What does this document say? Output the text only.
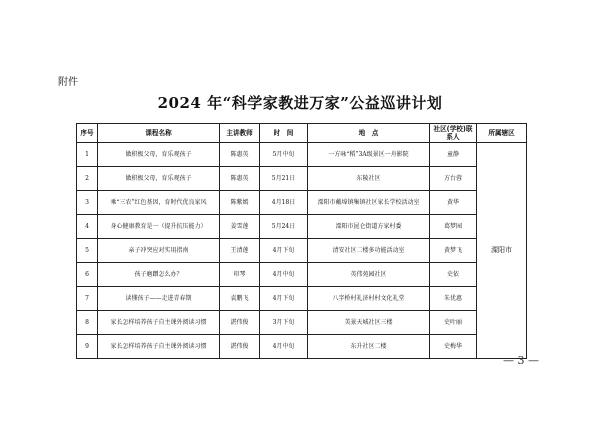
附件
2024 年“科学家教进万家”公益巡讲计划
序号	课程名称	主讲教师	时　间	地　点	社区(学校)联系人	所属辖区
1	做积极父母，育乐观孩子	陈惠英	5月中旬	一方咏“稻”3A级景区一舟影院	童静	溧阳市
2	做积极父母，育乐观孩子	陈惠英	5月21日	东陵社区	方台蓉	
3	乘“三农”红色基因，育时代优良家风	陈紫嫣	4月18日	溧阳市戴埠镇集镇社区家长学校活动室	黄华	
4	身心健康教育是一（提升抗压能力）	姜雪莲	5月24日	溧阳市昆仑街道方家村委	葛梦园	
5	亲子冲突应对实用指南	王清莲	4月下旬	清安社区二楼多功能活动室	黄梦飞	
6	孩子磨蹭怎么办？	印琴	4月中旬	英伟苑园社区	史依	
7	读懂孩子——走进青春期	袁鹏飞	4月下旬	八字桥村礼济村村文化礼堂	朱优惠	
8	家长怎样培养孩子自主课外阅读习惯	湛伟俊	3月下旬	美景天城社区三楼	史叶丽	
9	家长怎样培养孩子自主课外阅读习惯	湛伟俊	4月中旬	东升社区二楼	史梅华	
— 3 —
